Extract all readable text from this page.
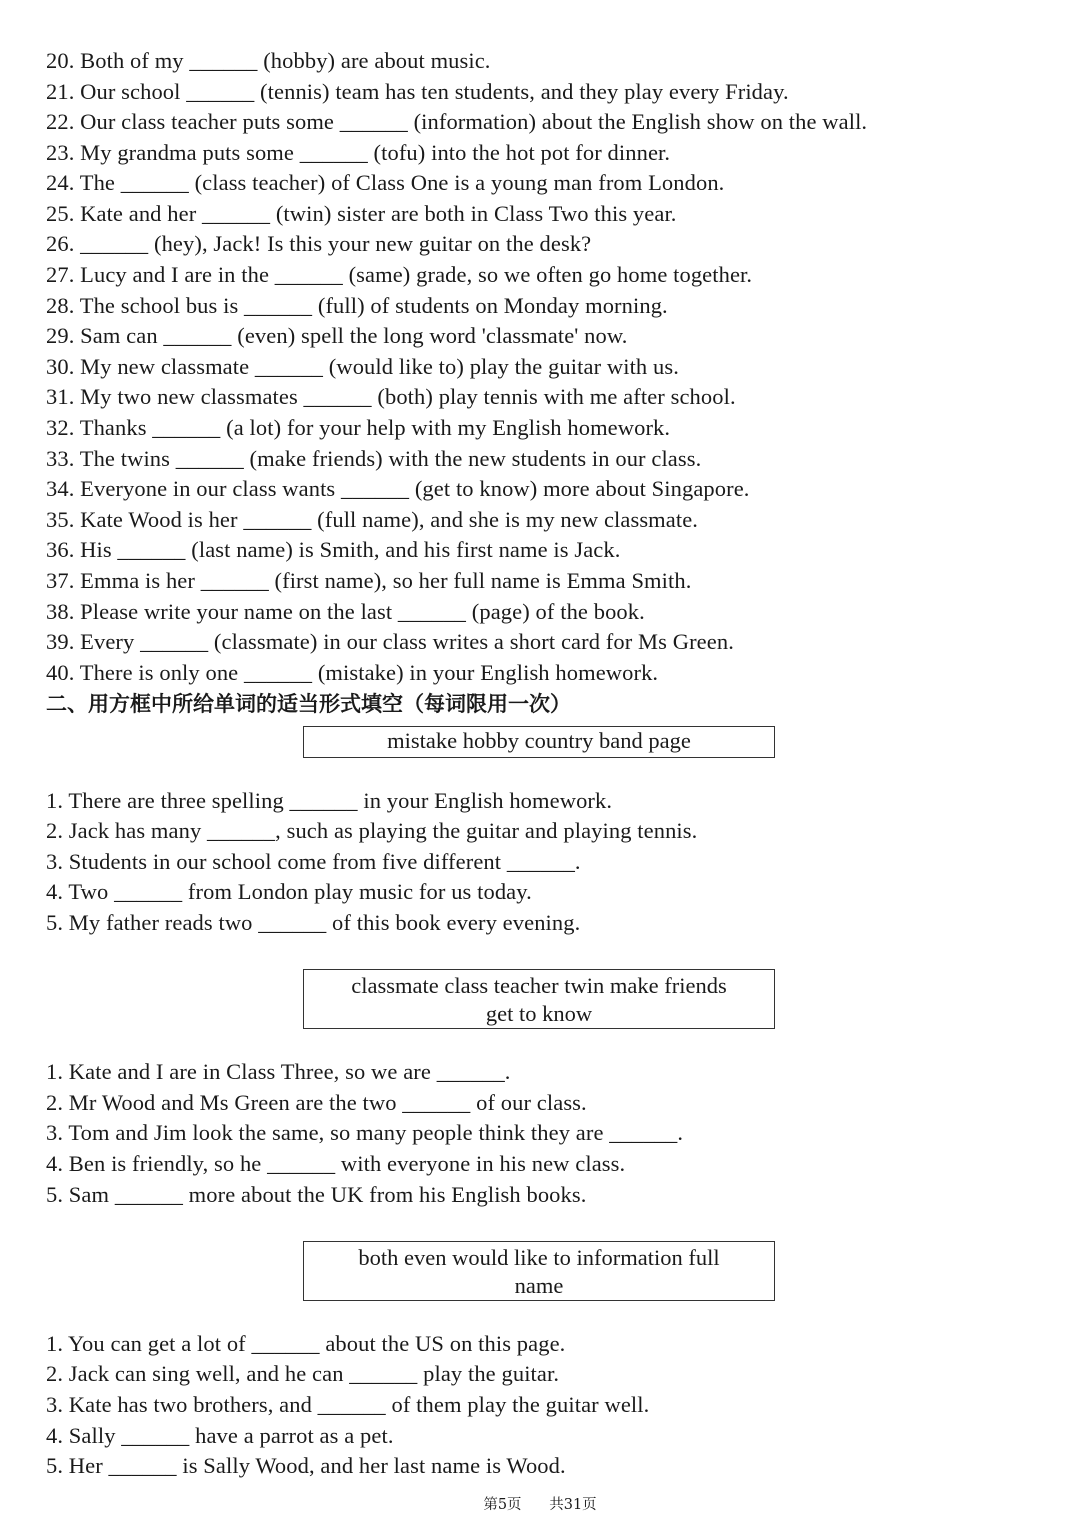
20. Both of my ______ (hobby) are about music.
21. Our school ______ (tennis) team has ten students, and they play every Friday.
22. Our class teacher puts some ______ (information) about the English show on the wall.
23. My grandma puts some ______ (tofu) into the hot pot for dinner.
24. The ______ (class teacher) of Class One is a young man from London.
25. Kate and her ______ (twin) sister are both in Class Two this year.
26. ______ (hey), Jack! Is this your new guitar on the desk?
27. Lucy and I are in the ______ (same) grade, so we often go home together.
28. The school bus is ______ (full) of students on Monday morning.
29. Sam can ______ (even) spell the long word 'classmate' now.
30. My new classmate ______ (would like to) play the guitar with us.
31. My two new classmates ______ (both) play tennis with me after school.
32. Thanks ______ (a lot) for your help with my English homework.
33. The twins ______ (make friends) with the new students in our class.
34. Everyone in our class wants ______ (get to know) more about Singapore.
35. Kate Wood is her ______ (full name), and she is my new classmate.
36. His ______ (last name) is Smith, and his first name is Jack.
37. Emma is her ______ (first name), so her full name is Emma Smith.
38. Please write your name on the last ______ (page) of the book.
39. Every ______ (classmate) in our class writes a short card for Ms Green.
40. There is only one ______ (mistake) in your English homework.
二、用方框中所给单词的适当形式填空（每词限用一次）
mistake hobby country band page
1. There are three spelling ______ in your English homework.
2. Jack has many ______, such as playing the guitar and playing tennis.
3. Students in our school come from five different ______.
4. Two ______ from London play music for us today.
5. My father reads two ______ of this book every evening.
classmate class teacher twin make friends
get to know
1. Kate and I are in Class Three, so we are ______.
2. Mr Wood and Ms Green are the two ______ of our class.
3. Tom and Jim look the same, so many people think they are ______.
4. Ben is friendly, so he ______ with everyone in his new class.
5. Sam ______ more about the UK from his English books.
both even would like to information full
name
1. You can get a lot of ______ about the US on this page.
2. Jack can sing well, and he can ______ play the guitar.
3. Kate has two brothers, and ______ of them play the guitar well.
4. Sally ______ have a parrot as a pet.
5. Her ______ is Sally Wood, and her last name is Wood.
第5页 共31页
